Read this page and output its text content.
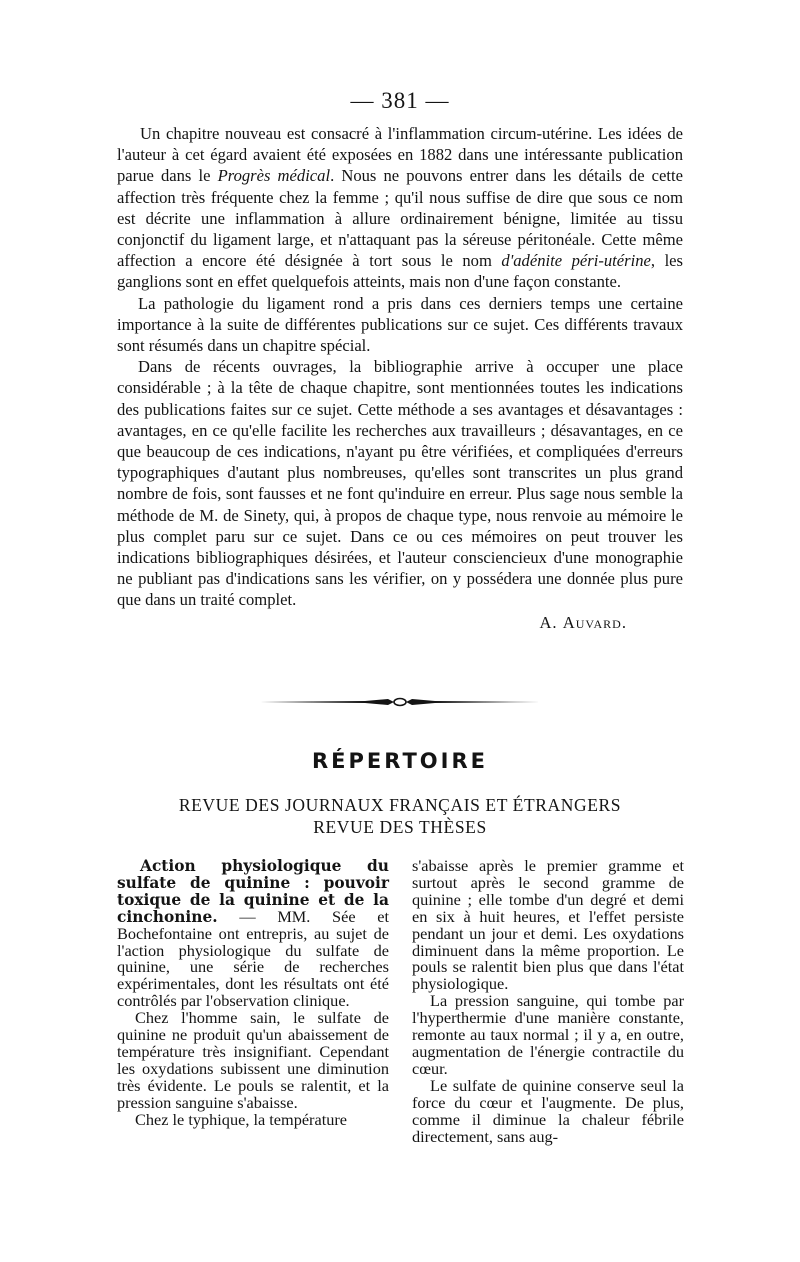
— 381 —

Un chapitre nouveau est consacré à l'inflammation circum-utérine. Les idées de l'auteur à cet égard avaient été exposées en 1882 dans une intéressante publication parue dans le Progrès médical. Nous ne pouvons entrer dans les détails de cette affection très fréquente chez la femme ; qu'il nous suffise de dire que sous ce nom est décrite une inflammation à allure ordinairement bénigne, limitée au tissu conjonctif du ligament large, et n'attaquant pas la séreuse péritonéale. Cette même affection a encore été désignée à tort sous le nom d'adénite péri-utérine, les ganglions sont en effet quelquefois atteints, mais non d'une façon constante.

La pathologie du ligament rond a pris dans ces derniers temps une certaine importance à la suite de différentes publications sur ce sujet. Ces différents travaux sont résumés dans un chapitre spécial.

Dans de récents ouvrages, la bibliographie arrive à occuper une place considérable ; à la tête de chaque chapitre, sont mentionnées toutes les indications des publications faites sur ce sujet. Cette méthode a ses avantages et désavantages : avantages, en ce qu'elle facilite les recherches aux travailleurs ; désavantages, en ce que beaucoup de ces indications, n'ayant pu être vérifiées, et compliquées d'erreurs typographiques d'autant plus nombreuses, qu'elles sont transcrites un plus grand nombre de fois, sont fausses et ne font qu'induire en erreur. Plus sage nous semble la méthode de M. de Sinety, qui, à propos de chaque type, nous renvoie au mémoire le plus complet paru sur ce sujet. Dans ce ou ces mémoires on peut trouver les indications bibliographiques désirées, et l'auteur consciencieux d'une monographie ne publiant pas d'indications sans les vérifier, on y possédera une donnée plus pure que dans un traité complet.

A. Auvard.
RÉPERTOIRE
REVUE DES JOURNAUX FRANÇAIS ET ÉTRANGERS
REVUE DES THÈSES

Action physiologique du sulfate de quinine : pouvoir toxique de la quinine et de la cinchonine. — MM. Sée et Bochefontaine ont entrepris, au sujet de l'action physiologique du sulfate de quinine, une série de recherches expérimentales, dont les résultats ont été contrôlés par l'observation clinique.

Chez l'homme sain, le sulfate de quinine ne produit qu'un abaissement de température très insignifiant. Cependant les oxydations subissent une diminution très évidente. Le pouls se ralentit, et la pression sanguine s'abaisse.

Chez le typhique, la température

s'abaisse après le premier gramme et surtout après le second gramme de quinine ; elle tombe d'un degré et demi en six à huit heures, et l'effet persiste pendant un jour et demi. Les oxydations diminuent dans la même proportion. Le pouls se ralentit bien plus que dans l'état physiologique.

La pression sanguine, qui tombe par l'hyperthermie d'une manière constante, remonte au taux normal ; il y a, en outre, augmentation de l'énergie contractile du cœur.

Le sulfate de quinine conserve seul la force du cœur et l'augmente. De plus, comme il diminue la chaleur fébrile directement, sans aug-
